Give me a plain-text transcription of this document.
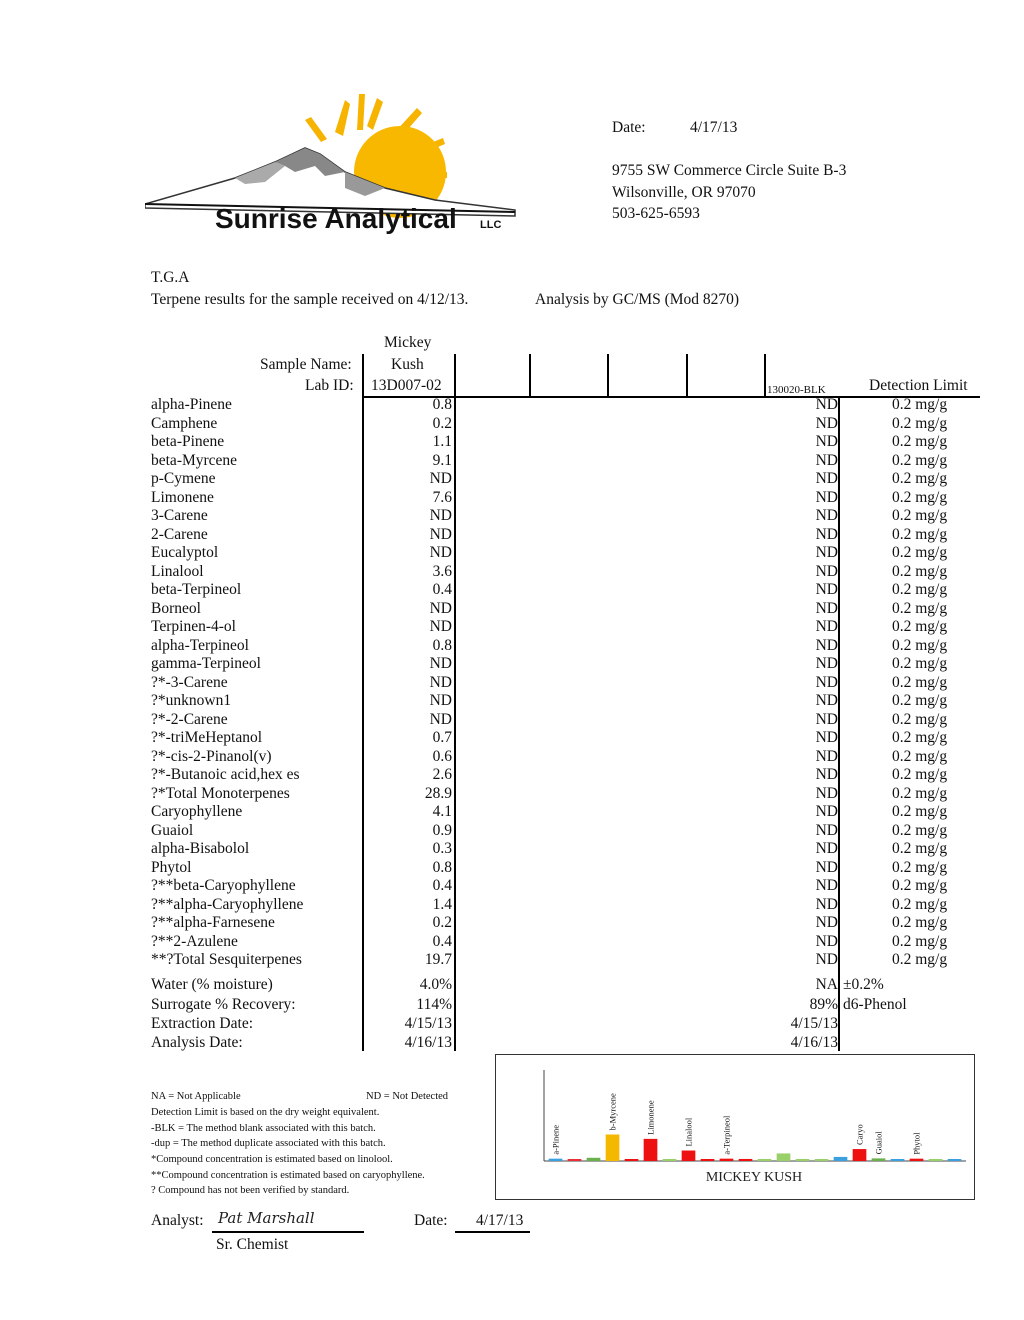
Sunrise Analytical LLC
Date:	4/17/13
9755 SW Commerce Circle Suite B-3
Wilsonville, OR 97070
503-625-6593
T.G.A
Terpene results for the sample received on 4/12/13.	Analysis by GC/MS (Mod 8270)
Mickey
Sample Name:	Kush
Lab ID: 13D007-02	130020-BLK	Detection Limit
alpha-Pinene	0.8	ND	0.2 mg/g
Camphene	0.2	ND	0.2 mg/g
beta-Pinene	1.1	ND	0.2 mg/g
beta-Myrcene	9.1	ND	0.2 mg/g
p-Cymene	ND	ND	0.2 mg/g
Limonene	7.6	ND	0.2 mg/g
3-Carene	ND	ND	0.2 mg/g
2-Carene	ND	ND	0.2 mg/g
Eucalyptol	ND	ND	0.2 mg/g
Linalool	3.6	ND	0.2 mg/g
beta-Terpineol	0.4	ND	0.2 mg/g
Borneol	ND	ND	0.2 mg/g
Terpinen-4-ol	ND	ND	0.2 mg/g
alpha-Terpineol	0.8	ND	0.2 mg/g
gamma-Terpineol	ND	ND	0.2 mg/g
?*-3-Carene	ND	ND	0.2 mg/g
?*unknown1	ND	ND	0.2 mg/g
?*-2-Carene	ND	ND	0.2 mg/g
?*-triMeHeptanol	0.7	ND	0.2 mg/g
?*-cis-2-Pinanol(v)	0.6	ND	0.2 mg/g
?*-Butanoic acid,hex es	2.6	ND	0.2 mg/g
?*Total Monoterpenes	28.9	ND	0.2 mg/g
Caryophyllene	4.1	ND	0.2 mg/g
Guaiol	0.9	ND	0.2 mg/g
alpha-Bisabolol	0.3	ND	0.2 mg/g
Phytol	0.8	ND	0.2 mg/g
?**beta-Caryophyllene	0.4	ND	0.2 mg/g
?**alpha-Caryophyllene	1.4	ND	0.2 mg/g
?**alpha-Farnesene	0.2	ND	0.2 mg/g
?**2-Azulene	0.4	ND	0.2 mg/g
**?Total Sesquiterpenes	19.7	ND	0.2 mg/g
Water (% moisture)	4.0%	NA ±0.2%
Surrogate % Recovery:	114%	89% d6-Phenol
Extraction Date:	4/15/13	4/15/13
Analysis Date:	4/16/13	4/16/13
NA = Not Applicable	ND = Not Detected
Detection Limit is based on the dry weight equivalent.
-BLK = The method blank associated with this batch.
-dup = The method duplicate associated with this batch.
*Compound concentration is estimated based on linolool.
**Compound concentration is estimated based on caryophyllene.
? Compound has not been verified by standard.
MICKEY KUSH
a-Pinene
b-Myrcene	Limonene	Linalool	a-Terpineol	Caryo Guaiol	Phytol
Analyst: Pat Marshall
Sr. Chemist
Date: 4/17/13
